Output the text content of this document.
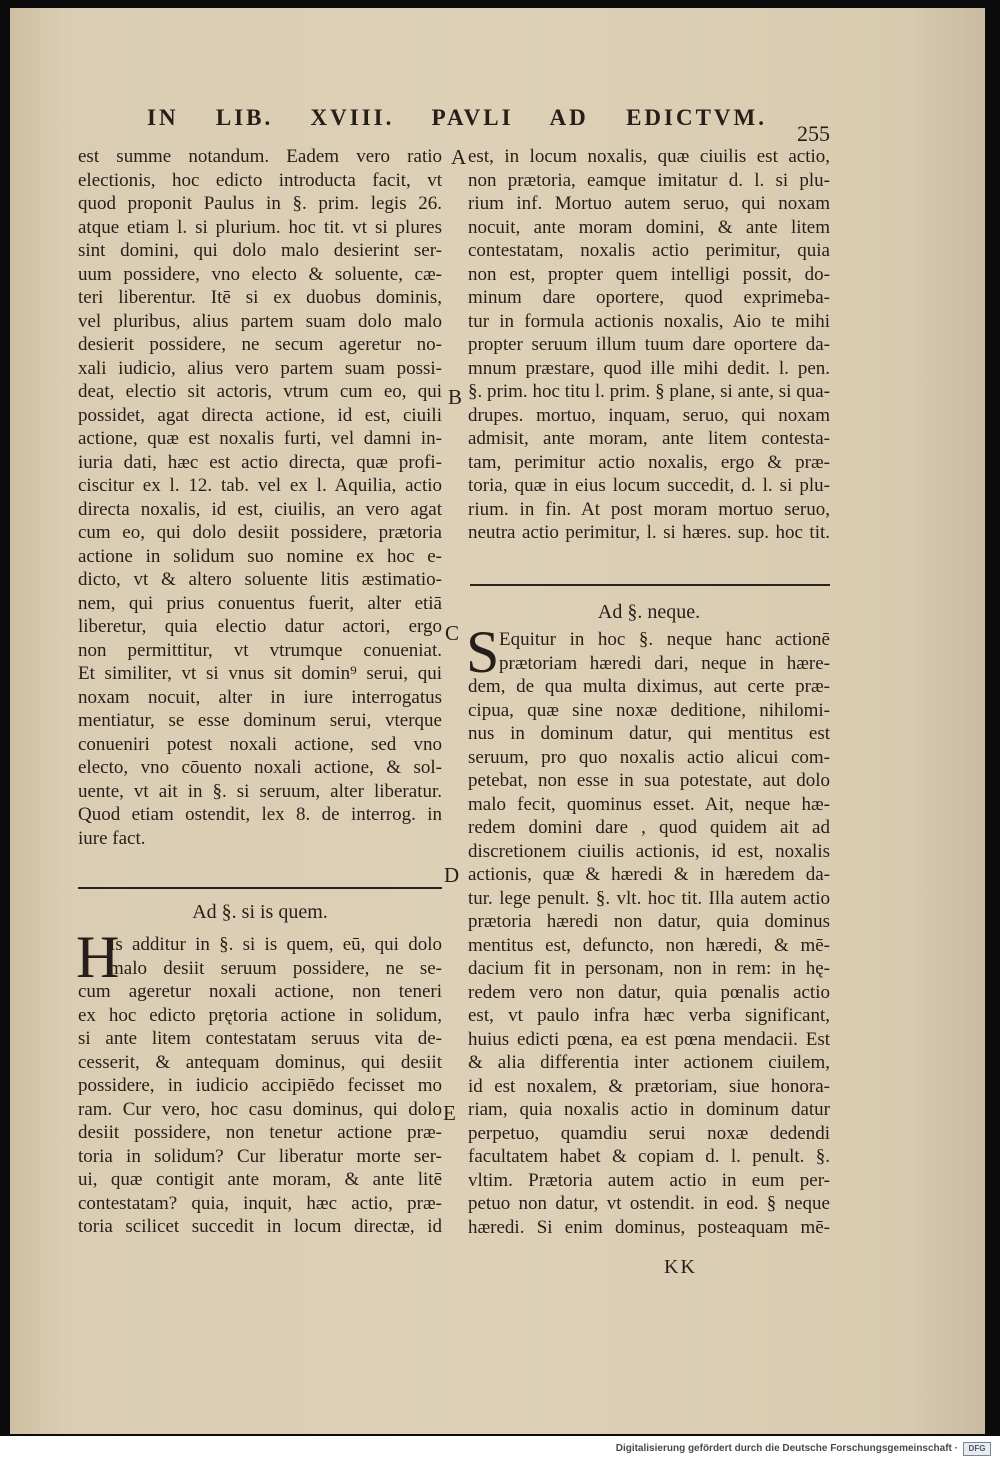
IN LIB. XVIII. PAVLI AD EDICTVM.
255
est summe notandum. Eadem vero ratio
electionis, hoc edicto introducta facit, vt
quod proponit Paulus in §. prim. legis 26.
atque etiam l. si plurium. hoc tit. vt si plures
sint domini, qui dolo malo desierint ser-
uum possidere, vno electo & soluente, cæ-
teri liberentur. Itē si ex duobus dominis,
vel pluribus, alius partem suam dolo malo
desierit possidere, ne secum ageretur no-
xali iudicio, alius vero partem suam possi-
deat, electio sit actoris, vtrum cum eo, qui
possidet, agat directa actione, id est, ciuili
actione, quæ est noxalis furti, vel damni in-
iuria dati, hæc est actio directa, quæ profi-
ciscitur ex l. 12. tab. vel ex l. Aquilia, actio
directa noxalis, id est, ciuilis, an vero agat
cum eo, qui dolo desiit possidere, prætoria
actione in solidum suo nomine ex hoc e-
dicto, vt & altero soluente litis æstimatio-
nem, qui prius conuentus fuerit, alter etiā
liberetur, quia electio datur actori, ergo
non permittitur, vt vtrumque conueniat.
Et similiter, vt si vnus sit domin⁹ serui, qui
noxam nocuit, alter in iure interrogatus
mentiatur, se esse dominum serui, vterque
conueniri potest noxali actione, sed vno
electo, vno cōuento noxali actione, & sol-
uente, vt ait in §. si seruum, alter liberatur.
Quod etiam ostendit, lex 8. de interrog. in
iure fact.
Ad §. si is quem.
H
Is additur in §. si is quem, eū, qui dolo
malo desiit seruum possidere, ne se-
cum ageretur noxali actione, non teneri
ex hoc edicto prętoria actione in solidum,
si ante litem contestatam seruus vita de-
cesserit, & antequam dominus, qui desiit
possidere, in iudicio accipiēdo fecisset mo
ram. Cur vero, hoc casu dominus, qui dolo
desiit possidere, non tenetur actione præ-
toria in solidum? Cur liberatur morte ser-
ui, quæ contigit ante moram, & ante litē
contestatam? quia, inquit, hæc actio, præ-
toria scilicet succedit in locum directæ, id
A
B
C
D
E
est, in locum noxalis, quæ ciuilis est actio,
non prætoria, eamque imitatur d. l. si plu-
rium inf. Mortuo autem seruo, qui noxam
nocuit, ante moram domini, & ante litem
contestatam, noxalis actio perimitur, quia
non est, propter quem intelligi possit, do-
minum dare oportere, quod exprimeba-
tur in formula actionis noxalis, Aio te mihi
propter seruum illum tuum dare oportere da-
mnum præstare, quod ille mihi dedit. l. pen.
§. prim. hoc titu l. prim. § plane, si ante, si qua-
drupes. mortuo, inquam, seruo, qui noxam
admisit, ante moram, ante litem contesta-
tam, perimitur actio noxalis, ergo & præ-
toria, quæ in eius locum succedit, d. l. si plu-
rium. in fin. At post moram mortuo seruo,
neutra actio perimitur, l. si hæres. sup. hoc tit.
Ad §. neque.
S Equitur in hoc §. neque hanc actionē
prætoriam hæredi dari, neque in hære-
dem, de qua multa diximus, aut certe præ-
cipua, quæ sine noxæ deditione, nihilomi-
nus in dominum datur, qui mentitus est
seruum, pro quo noxalis actio alicui com-
petebat, non esse in sua potestate, aut dolo
malo fecit, quominus esset. Ait, neque hæ-
redem domini dare , quod quidem ait ad
discretionem ciuilis actionis, id est, noxalis
actionis, quæ & hæredi & in hæredem da-
tur. lege penult. §. vlt. hoc tit. Illa autem actio
prætoria hæredi non datur, quia dominus
mentitus est, defuncto, non hæredi, & mē-
dacium fit in personam, non in rem: in hę-
redem vero non datur, quia pœnalis actio
est, vt paulo infra hæc verba significant,
huius edicti pœna, ea est pœna mendacii. Est
& alia differentia inter actionem ciuilem,
id est noxalem, & prætoriam, siue honora-
riam, quia noxalis actio in dominum datur
perpetuo, quamdiu serui noxæ dedendi
facultatem habet & copiam d. l. penult. §.
vltim. Prætoria autem actio in eum per-
petuo non datur, vt ostendit. in eod. § neque
hæredi. Si enim dominus, posteaquam mē-
KK
Digitalisierung gefördert durch die Deutsche Forschungsgemeinschaft ·	DFG
